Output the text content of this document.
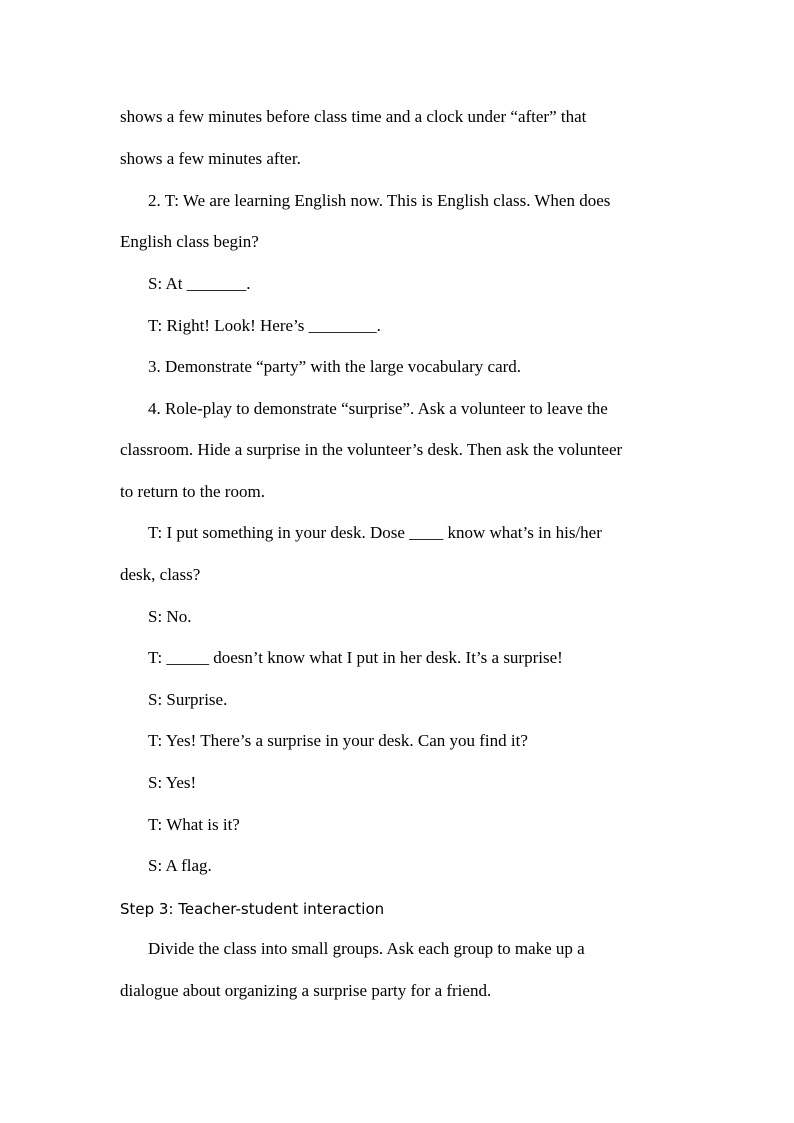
shows a few minutes before class time and a clock under “after” that
shows a few minutes after.
2. T: We are learning English now. This is English class. When does
English class begin?
S: At _______.
T: Right! Look! Here’s ________.
3. Demonstrate “party” with the large vocabulary card.
4. Role-play to demonstrate “surprise”. Ask a volunteer to leave the
classroom. Hide a surprise in the volunteer’s desk. Then ask the volunteer
to return to the room.
T: I put something in your desk. Dose ____ know what’s in his/her
desk, class?
S: No.
T: _____ doesn’t know what I put in her desk. It’s a surprise!
S: Surprise.
T: Yes! There’s a surprise in your desk. Can you find it?
S: Yes!
T: What is it?
S: A flag.
Step 3: Teacher-student interaction
Divide the class into small groups. Ask each group to make up a
dialogue about organizing a surprise party for a friend.
